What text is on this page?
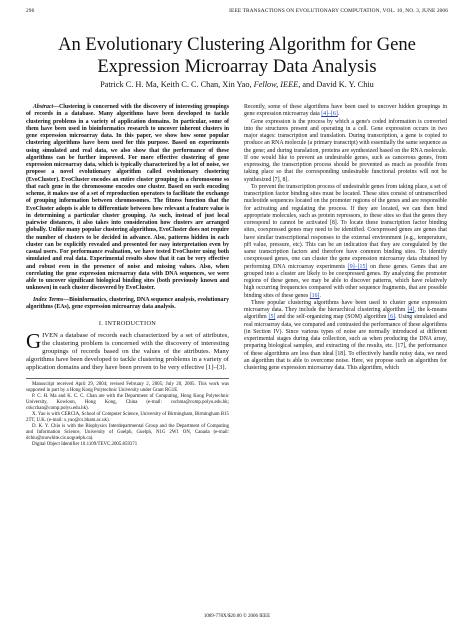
296	IEEE TRANSACTIONS ON EVOLUTIONARY COMPUTATION, VOL. 10, NO. 3, JUNE 2006
An Evolutionary Clustering Algorithm for Gene
Expression Microarray Data Analysis
Patrick C. H. Ma, Keith C. C. Chan, Xin Yao, Fellow, IEEE, and David K. Y. Chiu

Abstract—Clustering is concerned with the discovery of interesting groupings of records in a database. Many algorithms have been developed to tackle clustering problems in a variety of application domains. In particular, some of them have been used in bioinformatics research to uncover inherent clusters in gene expression microarray data. In this paper, we show how some popular clustering algorithms have been used for this purpose. Based on experiments using simulated and real data, we also show that the performance of these algorithms can be further improved. For more effective clustering of gene expression microarray data, which is typically characterized by a lot of noise, we propose a novel evolutionary algorithm called evolutionary clustering (EvoCluster). EvoCluster encodes an entire cluster grouping in a chromosome so that each gene in the chromosome encodes one cluster. Based on such encoding scheme, it makes use of a set of reproduction operators to facilitate the exchange of grouping information between chromosomes. The fitness function that the EvoCluster adopts is able to differentiate between how relevant a feature value is in determining a particular cluster grouping. As such, instead of just local pairwise distances, it also takes into consideration how clusters are arranged globally. Unlike many popular clustering algorithms, EvoCluster does not require the number of clusters to be decided in advance. Also, patterns hidden in each cluster can be explicitly revealed and presented for easy interpretation even by casual users. For performance evaluation, we have tested EvoCluster using both simulated and real data. Experimental results show that it can be very effective and robust even in the presence of noise and missing values. Also, when correlating the gene expression microarray data with DNA sequences, we were able to uncover significant biological binding sites (both previously known and unknown) in each cluster discovered by EvoCluster.

Index Terms—Bioinformatics, clustering, DNA sequence analysis, evolutionary algorithms (EAs), gene expression microarray data analysis.

I. INTRODUCTION

GIVEN a database of records each characterized by a set of attributes, the clustering problem is concerned with the discovery of interesting groupings of records based on the values of the attributes. Many algorithms have been developed to tackle clustering problems in a variety of application domains and they have been proven to be very effective [1]–[3].

Manuscript received April 29, 2004; revised February 2, 2005; July 20, 2005. This work was supported in part by a Hong Kong Polytechnic University under Grant RG1E.

P. C. H. Ma and K. C. C. Chan are with the Department of Computing, Hong Kong Polytechnic University, Kowloon, Hong Kong, China (e-mail: cschma@comp.polyu.edu.hk; cskcchan@comp.polyu.edu.hk).

X. Yao is with CERCIA, School of Computer Science, University of Birmingham, Birmingham B15 2TT, U.K. (e-mail: x.yao@cs.bham.ac.uk).

D. K. Y. Chiu is with the Biophysics Interdepartmental Group and the Department of Computing and Information Science, University of Guelph, Guelph, N1G 2W1 ON, Canada (e-mail: dchiu@snowhite.cis.uoguelph.ca).

Digital Object Identifier 10.1109/TEVC.2005.859371

Recently, some of these algorithms have been used to uncover hidden groupings in gene expression microarray data [4]–[6].

Gene expression is the process by which a gene's coded information is converted into the structures present and operating in a cell. Gene expression occurs in two major stages: transcription and translation. During transcription, a gene is copied to produce an RNA molecule (a primary transcript) with essentially the same sequence as the gene; and during translation, proteins are synthesized based on the RNA molecule. If one would like to prevent an undesirable genes, such as cancerous genes, from expressing, the transcription process should be prevented as much as possible from taking place so that the corresponding undesirable functional proteins will not be synthesized [7], 8].

To prevent the transcription process of undesirable genes from taking place, a set of transcription factor binding sites must be located. These sites consist of untranscribed nucleotide sequences located on the promoter regions of the genes and are responsible for activating and regulating the process. If they are located, we can then bind appropriate molecules, such as protein repressors, to these sites so that the genes they correspond to cannot be activated [8]. To locate these transcription factor binding sites, coexpressed genes may need to be identified. Coexpressed genes are genes that have similar transcriptional responses to the external environment (e.g., temperature, pH value, pressure, etc). This can be an indication that they are coregulated by the same transcription factors and therefore have common binding sites. To identify coexpressed genes, one can cluster the gene expression microarray data obtained by performing DNA microarray experiments [9]–[15] on these genes. Genes that are grouped into a cluster are likely to be coexpressed genes. By analyzing the promoter regions of these genes, we may be able to discover patterns, which have relatively high occurring frequencies compared with other sequence fragments, that are possible binding sites of these genes [16].

Three popular clustering algorithms have been used to cluster gene expression microarray data. They include the hierarchical clustering algorithm [4], the k-means algorithm [5] and the self-organizing map (SOM) algorithm [6]. Using simulated and real microarray data, we compared and contrasted the performance of these algorithms (in Section IV). Since various types of noise are normally introduced at different experimental stages during data collection, such as when producing the DNA array, preparing biological samples, and extracting of the results, etc. [17], the performance of these algorithms are less than ideal [18]. To effectively handle noisy data, we need an algorithm that is able to overcome noise. Here, we propose such an algorithm for clustering gene expression microarray data. This algorithm, which

1089-778X/$20.00 © 2006 IEEE
